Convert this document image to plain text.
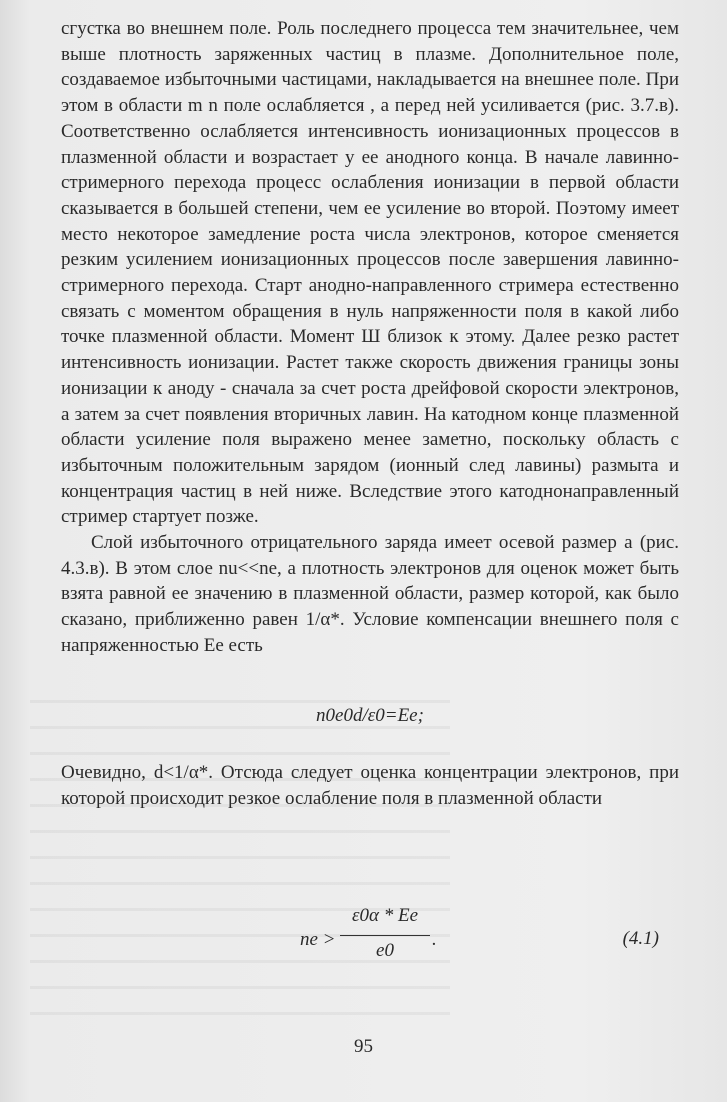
сгустка во внешнем поле. Роль последнего процесса тем значительнее, чем выше плотность заряженных частиц в плазме. Дополнительное поле, создаваемое избыточными частицами, накладывается на внешнее поле. При этом в области m n поле ослабляется , а перед ней усиливается (рис. 3.7.в). Соответственно ослабляется интенсивность ионизационных процессов в плазменной области и возрастает у ее анодного конца. В начале лавинно-стримерного перехода процесс ослабления ионизации в первой области сказывается в большей степени, чем ее усиление во второй. Поэтому имеет место некоторое замедление роста числа электронов, которое сменяется резким усилением ионизационных процессов после завершения лавинно-стримерного перехода. Старт анодно-направленного стримера естественно связать с моментом обращения в нуль напряженности поля в какой либо точке плазменной области. Момент Ш близок к этому. Далее резко растет интенсивность ионизации. Растет также скорость движения границы зоны ионизации к аноду - сначала за счет роста дрейфовой скорости электронов, а затем за счет появления вторичных лавин. На катодном конце плазменной области усиление поля выражено менее заметно, поскольку область с избыточным положительным зарядом (ионный след лавины) размыта и концентрация частиц в ней ниже. Вследствие этого катоднонаправленный стример стартует позже.

Слой избыточного отрицательного заряда имеет осевой размер a (рис. 4.3.в). В этом слое nu<<ne, а плотность электронов для оценок может быть взята равной ее значению в плазменной области, размер которой, как было сказано, приближенно равен 1/α*. Условие компенсации внешнего поля с напряженностью Ee есть

n0e0d/ε0=Ee;

Очевидно, d<1/α*. Отсюда следует оценка концентрации электронов, при которой происходит резкое ослабление поля в плазменной области

ne >
ε0α * Ee
e0
.	(4.1)
95
